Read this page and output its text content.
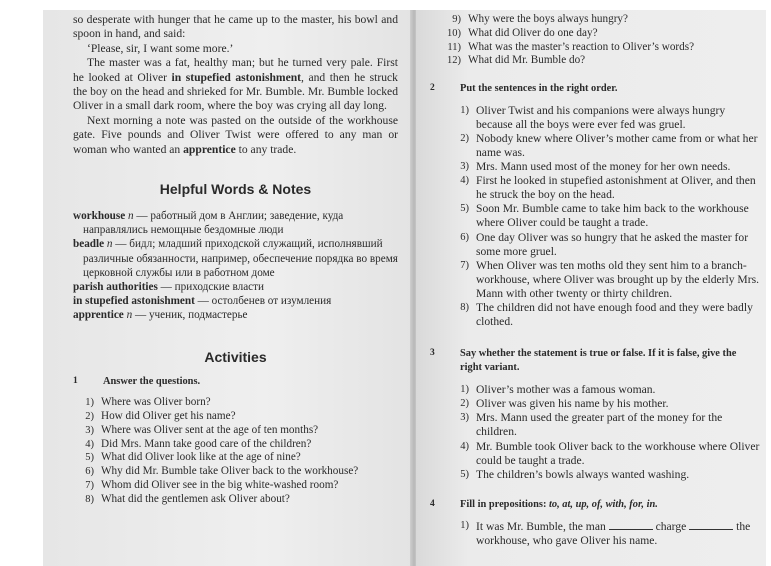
so desperate with hunger that he came up to the master, his bowl and spoon in hand, and said:

‘Please, sir, I want some more.’

The master was a fat, healthy man; but he turned very pale. First he looked at Oliver in stupefied astonishment, and then he struck the boy on the head and shrieked for Mr. Bumble. Mr. Bumble locked Oliver in a small dark room, where the boy was crying all day long.

Next morning a note was pasted on the outside of the workhouse gate. Five pounds and Oliver Twist were offered to any man or woman who wanted an apprentice to any trade.

Helpful Words & Notes

workhouse n — работный дом в Англии; заведение, куда направлялись немощные бездомные люди

beadle n — бидл; младший приходской служащий, исполнявший различные обязанности, например, обеспечение порядка во время церковной службы или в работном доме

parish authorities — приходские власти

in stupefied astonishment — остолбенев от изумления

apprentice n — ученик, подмастерье

Activities
1	Answer the questions.
1) Where was Oliver born?
2) How did Oliver get his name?
3) Where was Oliver sent at the age of ten months?
4) Did Mrs. Mann take good care of the children?
5) What did Oliver look like at the age of nine?
6) Why did Mr. Bumble take Oliver back to the workhouse?
7) Whom did Oliver see in the big white-washed room?
8) What did the gentlemen ask Oliver about?
9) Why were the boys always hungry?
10) What did Oliver do one day?
11) What was the master’s reaction to Oliver’s words?
12) What did Mr. Bumble do?
2	Put the sentences in the right order.
1) Oliver Twist and his companions were always hungry because all the boys were ever fed was gruel.
2) Nobody knew where Oliver’s mother came from or what her name was.
3) Mrs. Mann used most of the money for her own needs.
4) First he looked in stupefied astonishment at Oliver, and then he struck the boy on the head.
5) Soon Mr. Bumble came to take him back to the workhouse where Oliver could be taught a trade.
6) One day Oliver was so hungry that he asked the master for some more gruel.
7) When Oliver was ten moths old they sent him to a branch-workhouse, where Oliver was brought up by the elderly Mrs. Mann with other twenty or thirty children.
8) The children did not have enough food and they were badly clothed.
3	Say whether the statement is true or false. If it is false, give the right variant.
1) Oliver’s mother was a famous woman.
2) Oliver was given his name by his mother.
3) Mrs. Mann used the greater part of the money for the children.
4) Mr. Bumble took Oliver back to the workhouse where Oliver could be taught a trade.
5) The children’s bowls always wanted washing.
4	Fill in prepositions: to, at, up, of, with, for, in.
1) It was Mr. Bumble, the man	charge	the workhouse, who gave Oliver his name.
